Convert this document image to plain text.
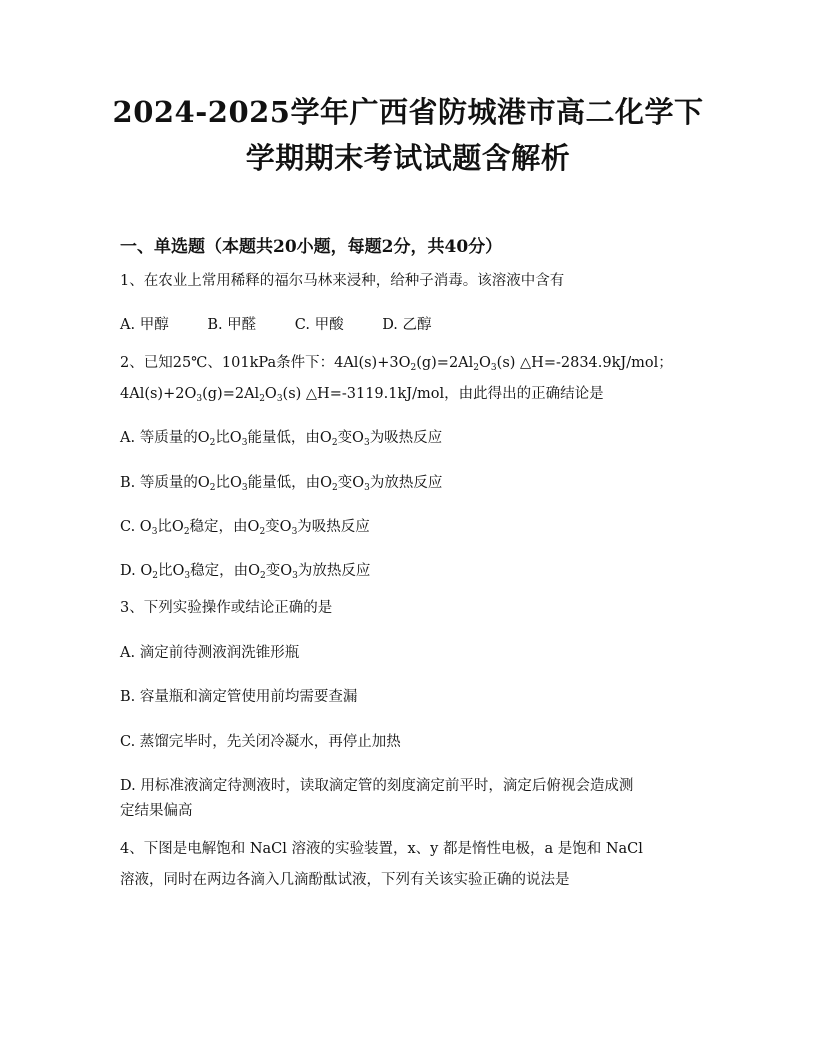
2024-2025学年广西省防城港市高二化学下
学期期末考试试题含解析
一、单选题（本题共20小题，每题2分，共40分）
1、在农业上常用稀释的福尔马林来浸种，给种子消毒。该溶液中含有
A. 甲醇	B. 甲醛	C. 甲酸	D. 乙醇
2、已知25℃、101kPa条件下：$4Al(s)+3O_2(g)=2Al_2O_3(s)$ △H=-2834.9kJ/mol；
$4Al(s)+2O_3(g)=2Al_2O_3(s)$ △H=-3119.1kJ/mol，由此得出的正确结论是
A. 等质量的$O_2$比$O_3$能量低，由$O_2$变$O_3$为吸热反应
B. 等质量的$O_2$比$O_3$能量低，由$O_2$变$O_3$为放热反应
C. $O_3$比$O_2$稳定，由$O_2$变$O_3$为吸热反应
D. $O_2$比$O_3$稳定，由$O_2$变$O_3$为放热反应
3、下列实验操作或结论正确的是
A. 滴定前待测液润洗锥形瓶
B. 容量瓶和滴定管使用前均需要查漏
C. 蒸馏完毕时，先关闭冷凝水，再停止加热
D. 用标准液滴定待测液时，读取滴定管的刻度滴定前平时，滴定后俯视会造成测
定结果偏高
4、下图是电解饱和 NaCl 溶液的实验装置，x、y 都是惰性电极，a 是饱和 NaCl
溶液，同时在两边各滴入几滴酚酞试液，下列有关该实验正确的说法是
